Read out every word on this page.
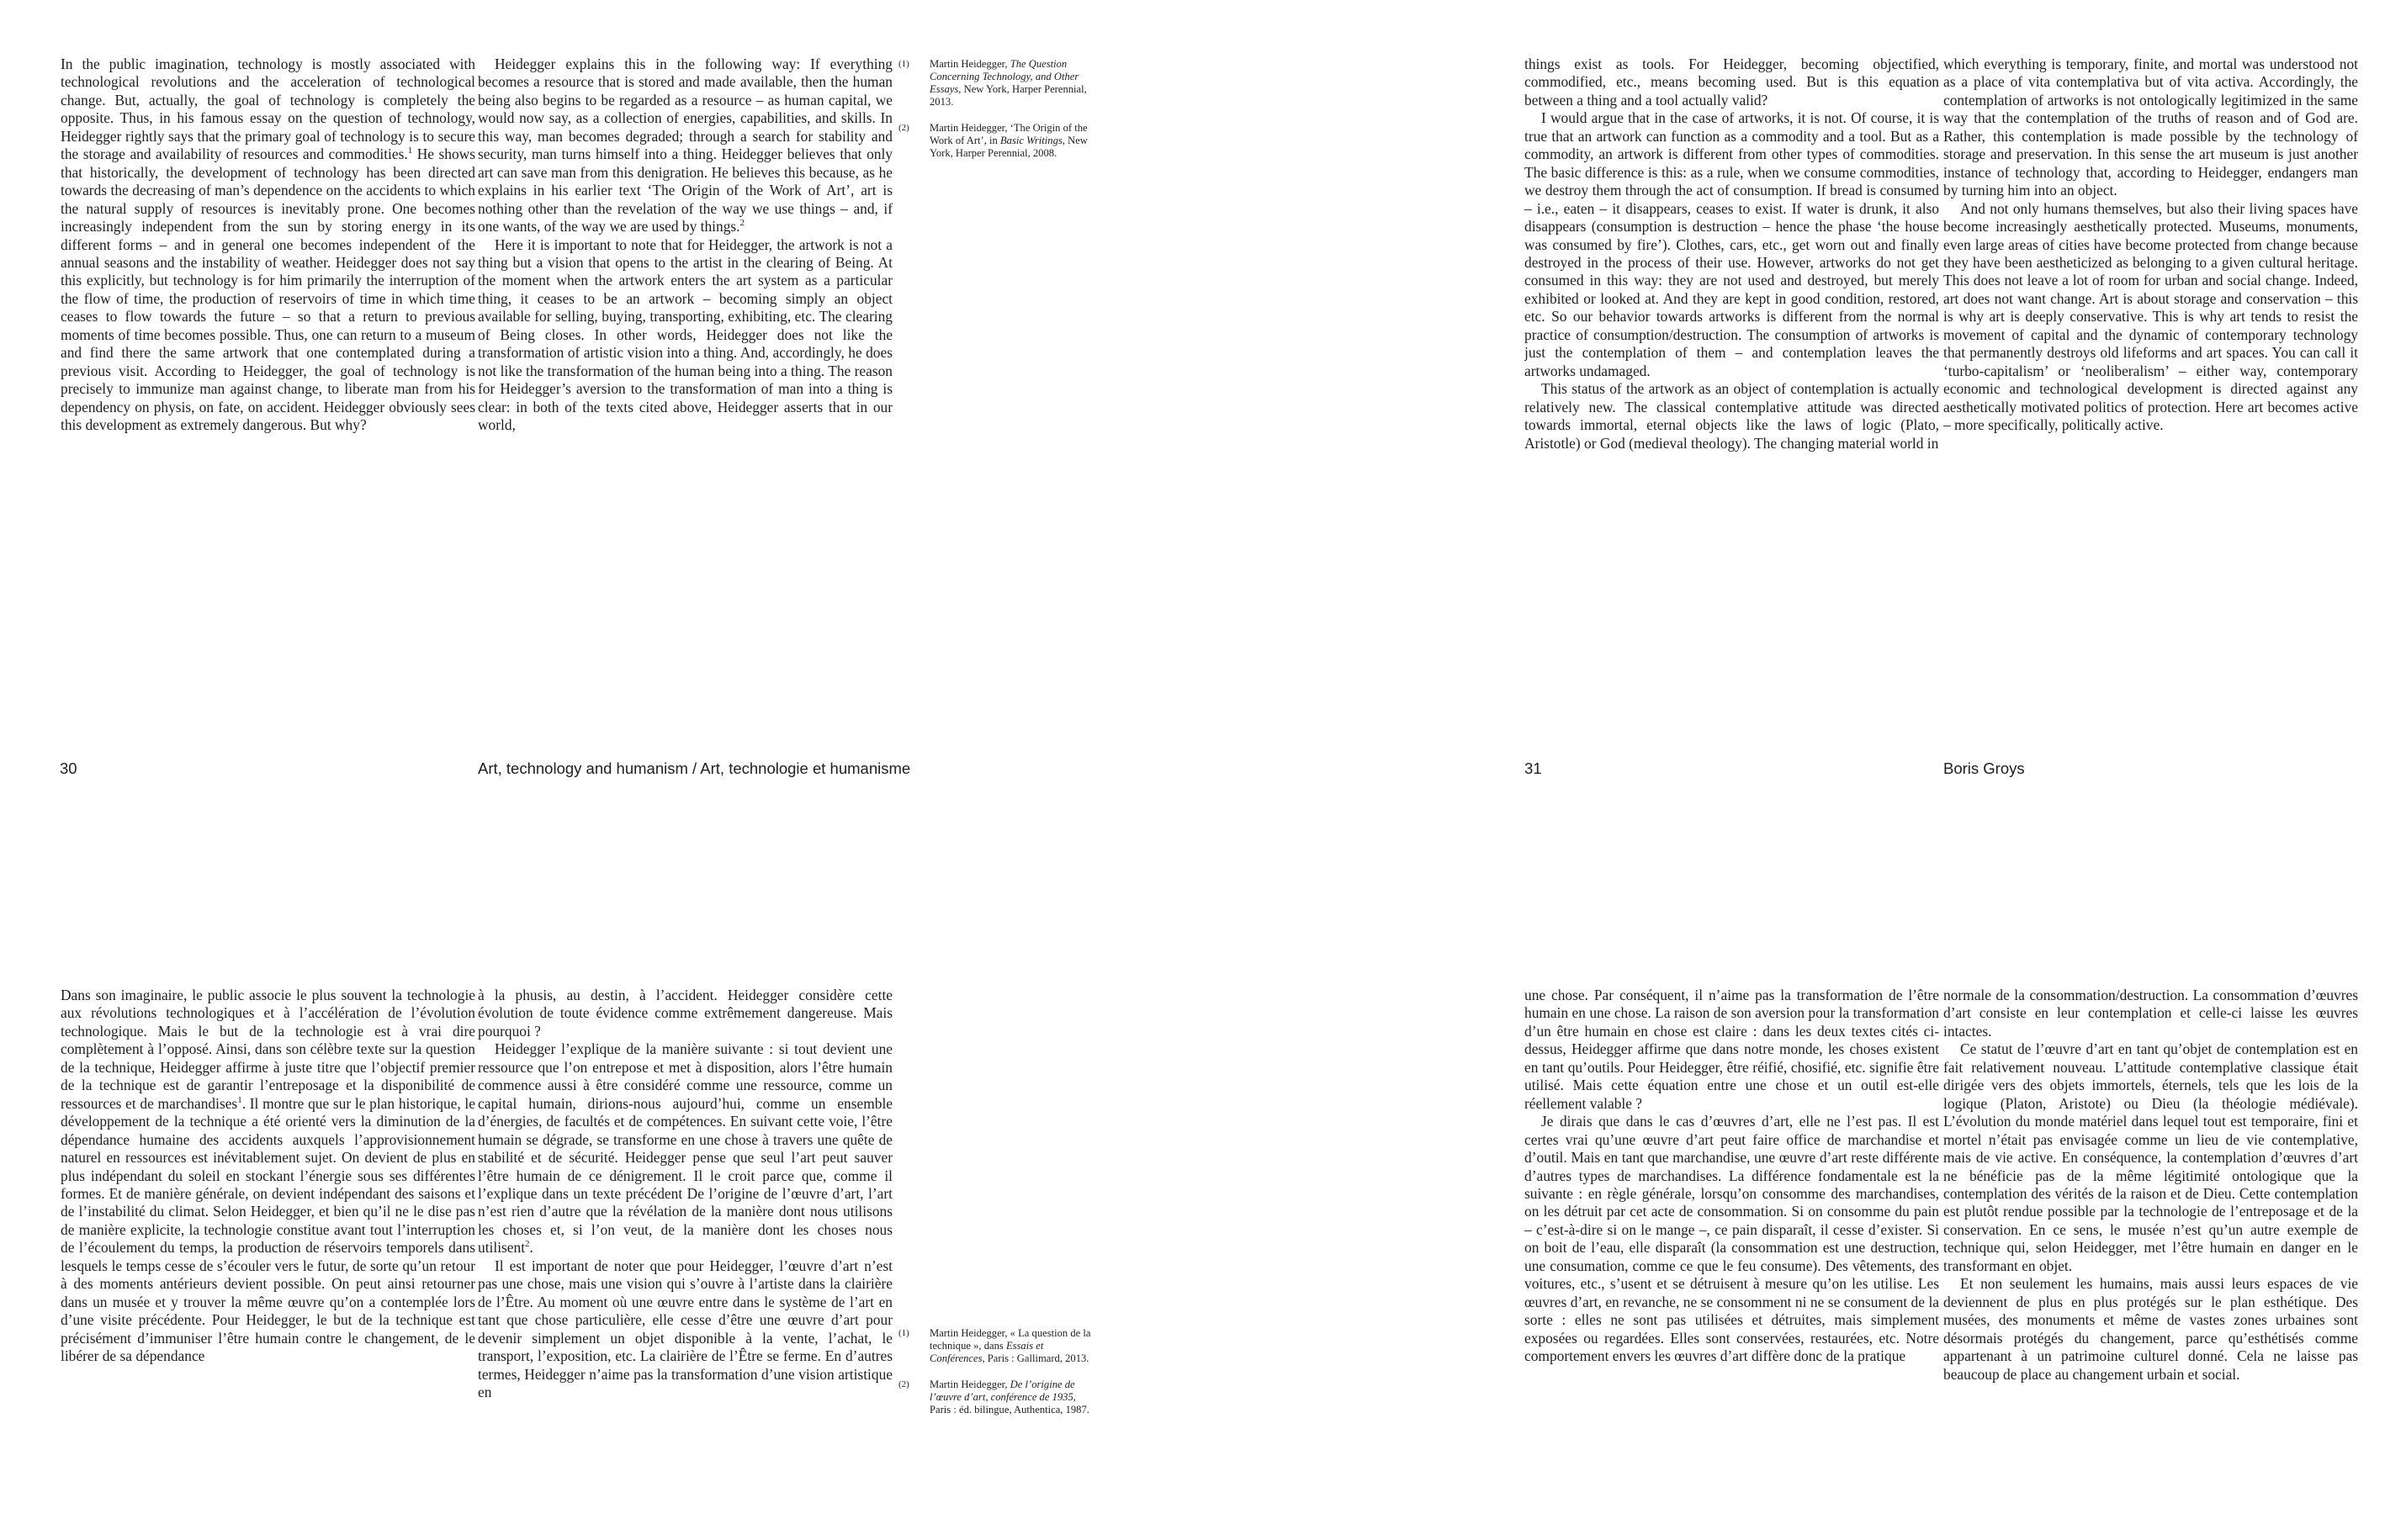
In the public imagination, technology is mostly associated with technological revolutions and the acceleration of technological change. But, actually, the goal of technology is completely the opposite. Thus, in his famous essay on the question of technology, Heidegger rightly says that the primary goal of technology is to secure the storage and availability of resources and commodities.$^1$ He shows that historically, the development of technology has been directed towards the decreasing of man’s dependence on the accidents to which the natural supply of resources is inevitably prone. One becomes increasingly independent from the sun by storing energy in its different forms – and in general one becomes independent of the annual seasons and the instability of weather. Heidegger does not say this explicitly, but technology is for him primarily the interruption of the flow of time, the production of reservoirs of time in which time ceases to flow towards the future – so that a return to previous moments of time becomes possible. Thus, one can return to a museum and find there the same artwork that one contemplated during a previous visit. According to Heidegger, the goal of technology is precisely to immunize man against change, to liberate man from his dependency on physis, on fate, on accident. Heidegger obviously sees this development as extremely dangerous. But why?

Heidegger explains this in the following way: If everything becomes a resource that is stored and made available, then the human being also begins to be regarded as a resource – as human capital, we would now say, as a collection of energies, capabilities, and skills. In this way, man becomes degraded; through a search for stability and security, man turns himself into a thing. Heidegger believes that only art can save man from this denigration. He believes this because, as he explains in his earlier text ‘The Origin of the Work of Art’, art is nothing other than the revelation of the way we use things – and, if one wants, of the way we are used by things.$^2$

Here it is important to note that for Heidegger, the artwork is not a thing but a vision that opens to the artist in the clearing of Being. At the moment when the artwork enters the art system as a particular thing, it ceases to be an artwork – becoming simply an object available for selling, buying, transporting, exhibiting, etc. The clearing of Being closes. In other words, Heidegger does not like the transformation of artistic vision into a thing. And, accordingly, he does not like the transformation of the human being into a thing. The reason for Heidegger’s aversion to the transformation of man into a thing is clear: in both of the texts cited above, Heidegger asserts that in our world,

(1) Martin Heidegger, The Question Concerning Technology, and Other Essays, New York, Harper Perennial, 2013.
(2) Martin Heidegger, ‘The Origin of the Work of Art’, in Basic Writings, New York, Harper Perennial, 2008.

things exist as tools. For Heidegger, becoming objectified, commodified, etc., means becoming used. But is this equation between a thing and a tool actually valid?

I would argue that in the case of artworks, it is not. Of course, it is true that an artwork can function as a commodity and a tool. But as a commodity, an artwork is different from other types of commodities. The basic difference is this: as a rule, when we consume commodities, we destroy them through the act of consumption. If bread is consumed – i.e., eaten – it disappears, ceases to exist. If water is drunk, it also disappears (consumption is destruction – hence the phase ‘the house was consumed by fire’). Clothes, cars, etc., get worn out and finally destroyed in the process of their use. However, artworks do not get consumed in this way: they are not used and destroyed, but merely exhibited or looked at. And they are kept in good condition, restored, etc. So our behavior towards artworks is different from the normal practice of consumption/destruction. The consumption of artworks is just the contemplation of them – and contemplation leaves the artworks undamaged.

This status of the artwork as an object of contemplation is actually relatively new. The classical contemplative attitude was directed towards immortal, eternal objects like the laws of logic (Plato, Aristotle) or God (medieval theology). The changing material world in

which everything is temporary, finite, and mortal was understood not as a place of vita contemplativa but of vita activa. Accordingly, the contemplation of artworks is not ontologically legitimized in the same way that the contemplation of the truths of reason and of God are. Rather, this contemplation is made possible by the technology of storage and preservation. In this sense the art museum is just another instance of technology that, according to Heidegger, endangers man by turning him into an object.

And not only humans themselves, but also their living spaces have become increasingly aesthetically protected. Museums, monuments, even large areas of cities have become protected from change because they have been aestheticized as belonging to a given cultural heritage. This does not leave a lot of room for urban and social change. Indeed, art does not want change. Art is about storage and conservation – this is why art is deeply conservative. This is why art tends to resist the movement of capital and the dynamic of contemporary technology that permanently destroys old lifeforms and art spaces. You can call it ‘turbo-capitalism’ or ‘neoliberalism’ – either way, contemporary economic and technological development is directed against any aesthetically motivated politics of protection. Here art becomes active – more specifically, politically active.

30	Art, technology and humanism / Art, technologie et humanisme	31	Boris Groys

Dans son imaginaire, le public associe le plus souvent la technologie aux révolutions technologiques et à l’accélération de l’évolution technologique. Mais le but de la technologie est à vrai dire complètement à l’opposé. Ainsi, dans son célèbre texte sur la question de la technique, Heidegger affirme à juste titre que l’objectif premier de la technique est de garantir l’entreposage et la disponibilité de ressources et de marchandises$^1$. Il montre que sur le plan historique, le développement de la technique a été orienté vers la diminution de la dépendance humaine des accidents auxquels l’approvisionnement naturel en ressources est inévitablement sujet. On devient de plus en plus indépendant du soleil en stockant l’énergie sous ses différentes formes. Et de manière générale, on devient indépendant des saisons et de l’instabilité du climat. Selon Heidegger, et bien qu’il ne le dise pas de manière explicite, la technologie constitue avant tout l’interruption de l’écoulement du temps, la production de réservoirs temporels dans lesquels le temps cesse de s’écouler vers le futur, de sorte qu’un retour à des moments antérieurs devient possible. On peut ainsi retourner dans un musée et y trouver la même œuvre qu’on a contemplée lors d’une visite précédente. Pour Heidegger, le but de la technique est précisément d’immuniser l’être humain contre le changement, de le libérer de sa dépendance

à la phusis, au destin, à l’accident. Heidegger considère cette évolution de toute évidence comme extrêmement dangereuse. Mais pourquoi ?

Heidegger l’explique de la manière suivante : si tout devient une ressource que l’on entrepose et met à disposition, alors l’être humain commence aussi à être considéré comme une ressource, comme un capital humain, dirions-nous aujourd’hui, comme un ensemble d’énergies, de facultés et de compétences. En suivant cette voie, l’être humain se dégrade, se transforme en une chose à travers une quête de stabilité et de sécurité. Heidegger pense que seul l’art peut sauver l’être humain de ce dénigrement. Il le croit parce que, comme il l’explique dans un texte précédent De l’origine de l’œuvre d’art, l’art n’est rien d’autre que la révélation de la manière dont nous utilisons les choses et, si l’on veut, de la manière dont les choses nous utilisent$^2$.

Il est important de noter que pour Heidegger, l’œuvre d’art n’est pas une chose, mais une vision qui s’ouvre à l’artiste dans la clairière de l’Être. Au moment où une œuvre entre dans le système de l’art en tant que chose particulière, elle cesse d’être une œuvre d’art pour devenir simplement un objet disponible à la vente, l’achat, le transport, l’exposition, etc. La clairière de l’Être se ferme. En d’autres termes, Heidegger n’aime pas la transformation d’une vision artistique en

(1) Martin Heidegger, « La question de la technique », dans Essais et Conférences, Paris : Gallimard, 2013.
(2) Martin Heidegger, De l’origine de l’œuvre d’art, conférence de 1935, Paris : éd. bilingue, Authentica, 1987.

une chose. Par conséquent, il n’aime pas la transformation de l’être humain en une chose. La raison de son aversion pour la transformation d’un être humain en chose est claire : dans les deux textes cités ci-dessus, Heidegger affirme que dans notre monde, les choses existent en tant qu’outils. Pour Heidegger, être réifié, chosifié, etc. signifie être utilisé. Mais cette équation entre une chose et un outil est-elle réellement valable ?

Je dirais que dans le cas d’œuvres d’art, elle ne l’est pas. Il est certes vrai qu’une œuvre d’art peut faire office de marchandise et d’outil. Mais en tant que marchandise, une œuvre d’art reste différente d’autres types de marchandises. La différence fondamentale est la suivante : en règle générale, lorsqu’on consomme des marchandises, on les détruit par cet acte de consommation. Si on consomme du pain – c’est-à-dire si on le mange –, ce pain disparaît, il cesse d’exister. Si on boit de l’eau, elle disparaît (la consommation est une destruction, une consumation, comme ce que le feu consume). Des vêtements, des voitures, etc., s’usent et se détruisent à mesure qu’on les utilise. Les œuvres d’art, en revanche, ne se consomment ni ne se consument de la sorte : elles ne sont pas utilisées et détruites, mais simplement exposées ou regardées. Elles sont conservées, restaurées, etc. Notre comportement envers les œuvres d’art diffère donc de la pratique

normale de la consommation/destruction. La consommation d’œuvres d’art consiste en leur contemplation et celle-ci laisse les œuvres intactes.

Ce statut de l’œuvre d’art en tant qu’objet de contemplation est en fait relativement nouveau. L’attitude contemplative classique était dirigée vers des objets immortels, éternels, tels que les lois de la logique (Platon, Aristote) ou Dieu (la théologie médiévale). L’évolution du monde matériel dans lequel tout est temporaire, fini et mortel n’était pas envisagée comme un lieu de vie contemplative, mais de vie active. En conséquence, la contemplation d’œuvres d’art ne bénéficie pas de la même légitimité ontologique que la contemplation des vérités de la raison et de Dieu. Cette contemplation est plutôt rendue possible par la technologie de l’entreposage et de la conservation. En ce sens, le musée n’est qu’un autre exemple de technique qui, selon Heidegger, met l’être humain en danger en le transformant en objet.

Et non seulement les humains, mais aussi leurs espaces de vie deviennent de plus en plus protégés sur le plan esthétique. Des musées, des monuments et même de vastes zones urbaines sont désormais protégés du changement, parce qu’esthétisés comme appartenant à un patrimoine culturel donné. Cela ne laisse pas beaucoup de place au changement urbain et social.
